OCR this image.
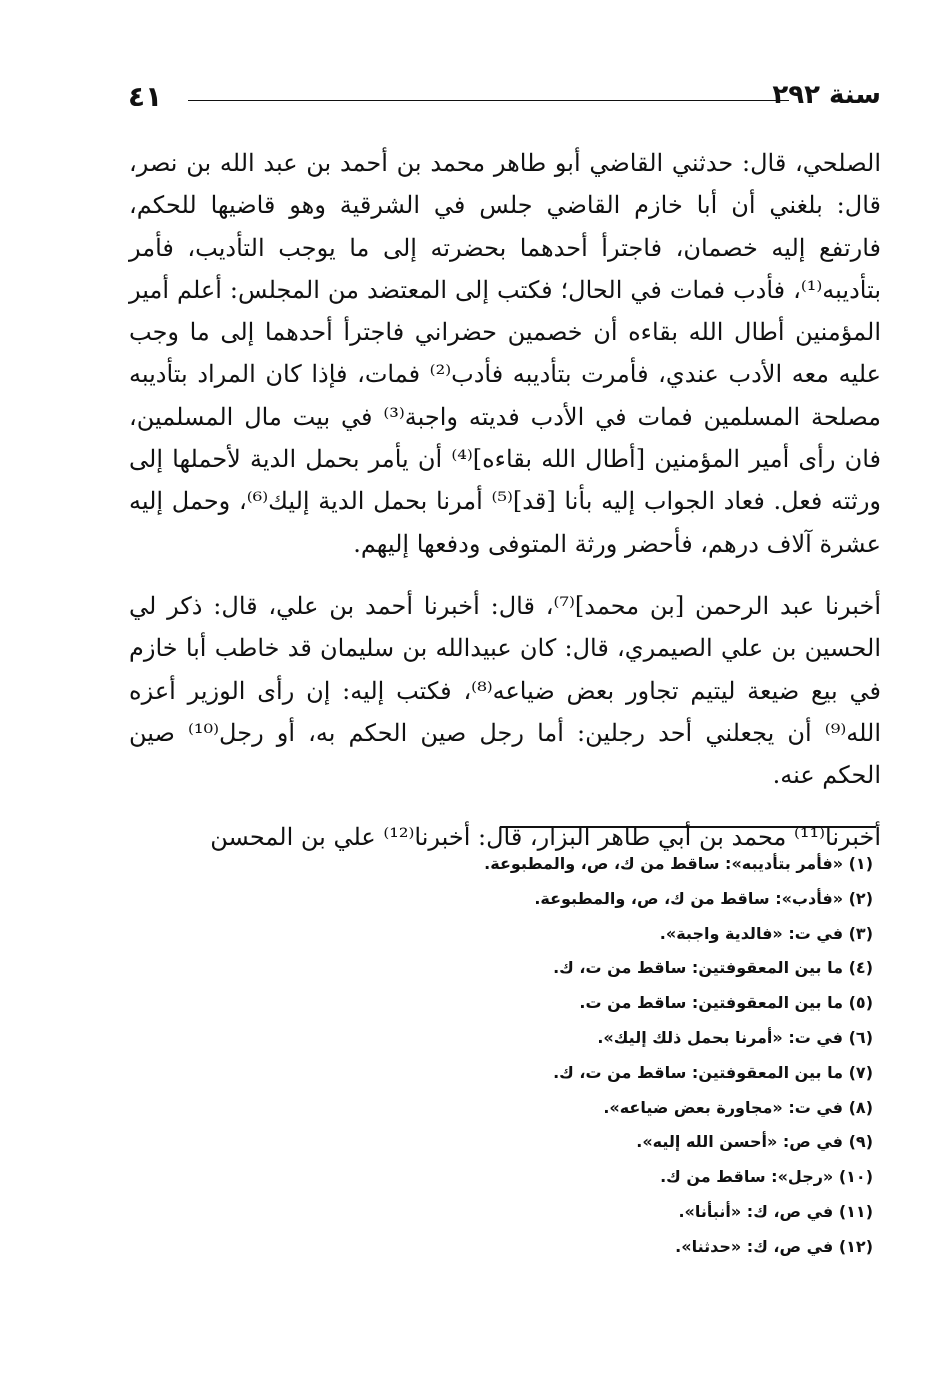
سنة ٢٩٢
٤١

الصلحي، قال: حدثني القاضي أبو طاهر محمد بن أحمد بن عبد الله بن نصر، قال: بلغني أن أبا خازم القاضي جلس في الشرقية وهو قاضيها للحكم، فارتفع إليه خصمان، فاجترأ أحدهما بحضرته إلى ما يوجب التأديب، فأمر بتأديبه⁽¹⁾، فأدب فمات في الحال؛ فكتب إلى المعتضد من المجلس: أعلم أمير المؤمنين أطال الله بقاءه أن خصمين حضراني فاجترأ أحدهما إلى ما وجب عليه معه الأدب عندي، فأمرت بتأديبه فأدب⁽²⁾ فمات، فإذا كان المراد بتأديبه مصلحة المسلمين فمات في الأدب فديته واجبة⁽³⁾ في بيت مال المسلمين، فان رأى أمير المؤمنين [أطال الله بقاءه]⁽⁴⁾ أن يأمر بحمل الدية لأحملها إلى ورثته فعل. فعاد الجواب إليه بأنا [قد]⁽⁵⁾ أمرنا بحمل الدية إليك⁽⁶⁾، وحمل إليه عشرة آلاف درهم، فأحضر ورثة المتوفى ودفعها إليهم.

أخبرنا عبد الرحمن [بن محمد]⁽⁷⁾، قال: أخبرنا أحمد بن علي، قال: ذكر لي الحسين بن علي الصيمري، قال: كان عبيدالله بن سليمان قد خاطب أبا خازم في بيع ضيعة ليتيم تجاور بعض ضياعه⁽⁸⁾، فكتب إليه: إن رأى الوزير أعزه الله⁽⁹⁾ أن يجعلني أحد رجلين: أما رجل صين الحكم به، أو رجل⁽¹⁰⁾ صين الحكم عنه.

أخبرنا⁽¹¹⁾ محمد بن أبي طاهر البزار، قال: أخبرنا⁽¹²⁾ علي بن المحسن

(١) «فأمر بتأديبه»: ساقط من ك، ص، والمطبوعة.
(٢) «فأدب»: ساقط من ك، ص، والمطبوعة.
(٣) في ت: «فالدية واجبة».
(٤) ما بين المعقوفتين: ساقط من ت، ك.
(٥) ما بين المعقوفتين: ساقط من ت.
(٦) في ت: «أمرنا بحمل ذلك إليك».
(٧) ما بين المعقوفتين: ساقط من ت، ك.
(٨) في ت: «مجاورة بعض ضياعه».
(٩) في ص: «أحسن الله إليه».
(١٠) «رجل»: ساقط من ك.
(١١) في ص، ك: «أنبأنا».
(١٢) في ص، ك: «حدثنا».
